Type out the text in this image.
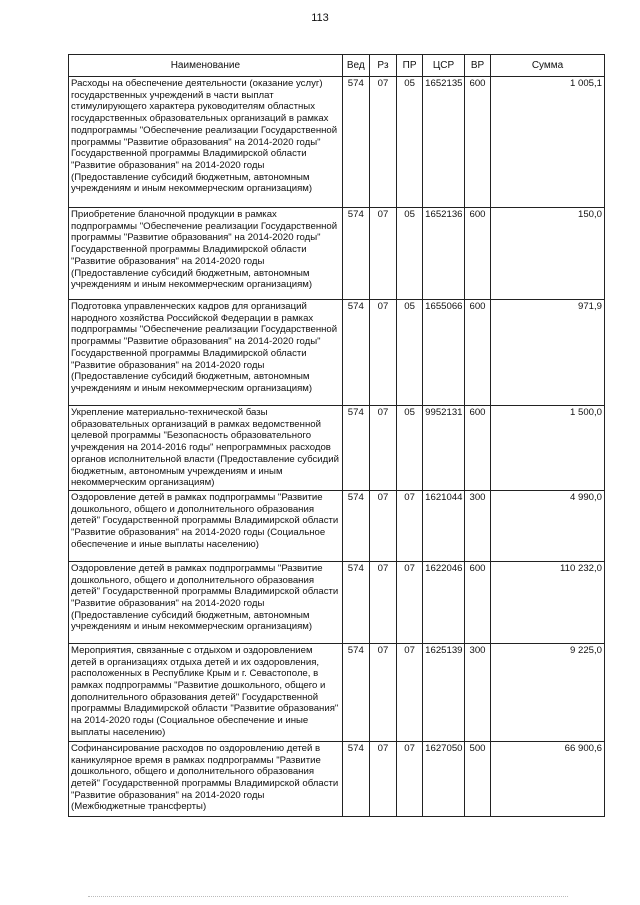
113
Наименование	Вед	Рз	ПР	ЦСР	ВР	Сумма
Расходы на обеспечение деятельности (оказание услуг) государственных учреждений в части выплат стимулирующего характера руководителям областных государственных образовательных организаций в рамках подпрограммы "Обеспечение реализации Государственной программы "Развитие образования" на 2014-2020 годы" Государственной программы Владимирской области "Развитие образования" на 2014-2020 годы (Предоставление субсидий бюджетным, автономным учреждениям и иным некоммерческим организациям)	574	07	05	1652135	600	1 005,1
Приобретение бланочной продукции в рамках подпрограммы "Обеспечение реализации Государственной программы "Развитие образования" на 2014-2020 годы" Государственной программы Владимирской области "Развитие образования" на 2014-2020 годы (Предоставление субсидий бюджетным, автономным учреждениям и иным некоммерческим организациям)	574	07	05	1652136	600	150,0
Подготовка управленческих кадров для организаций народного хозяйства Российской Федерации в рамках подпрограммы "Обеспечение реализации Государственной программы "Развитие образования" на 2014-2020 годы" Государственной программы Владимирской области "Развитие образования" на 2014-2020 годы (Предоставление субсидий бюджетным, автономным учреждениям и иным некоммерческим организациям)	574	07	05	1655066	600	971,9
Укрепление материально-технической базы образовательных организаций в рамках ведомственной целевой программы "Безопасность образовательного учреждения на 2014-2016 годы" непрограммных расходов органов исполнительной власти (Предоставление субсидий бюджетным, автономным учреждениям и иным некоммерческим организациям)	574	07	05	9952131	600	1 500,0
Оздоровление детей в рамках подпрограммы "Развитие дошкольного, общего и дополнительного образования детей" Государственной программы Владимирской области "Развитие образования" на 2014-2020 годы (Социальное обеспечение и иные выплаты населению)	574	07	07	1621044	300	4 990,0
Оздоровление детей в рамках подпрограммы "Развитие дошкольного, общего и дополнительного образования детей" Государственной программы Владимирской области "Развитие образования" на 2014-2020 годы (Предоставление субсидий бюджетным, автономным учреждениям и иным некоммерческим организациям)	574	07	07	1622046	600	110 232,0
Мероприятия, связанные с отдыхом и оздоровлением детей в организациях отдыха детей и их оздоровления, расположенных в Республике Крым и г. Севастополе, в рамках подпрограммы "Развитие дошкольного, общего и дополнительного образования детей" Государственной программы Владимирской области "Развитие образования" на 2014-2020 годы (Социальное обеспечение и иные выплаты населению)	574	07	07	1625139	300	9 225,0
Софинансирование расходов по оздоровлению детей в каникулярное время в рамках подпрограммы "Развитие дошкольного, общего и дополнительного образования детей" Государственной программы Владимирской области "Развитие образования" на 2014-2020 годы (Межбюджетные трансферты)	574	07	07	1627050	500	66 900,6
